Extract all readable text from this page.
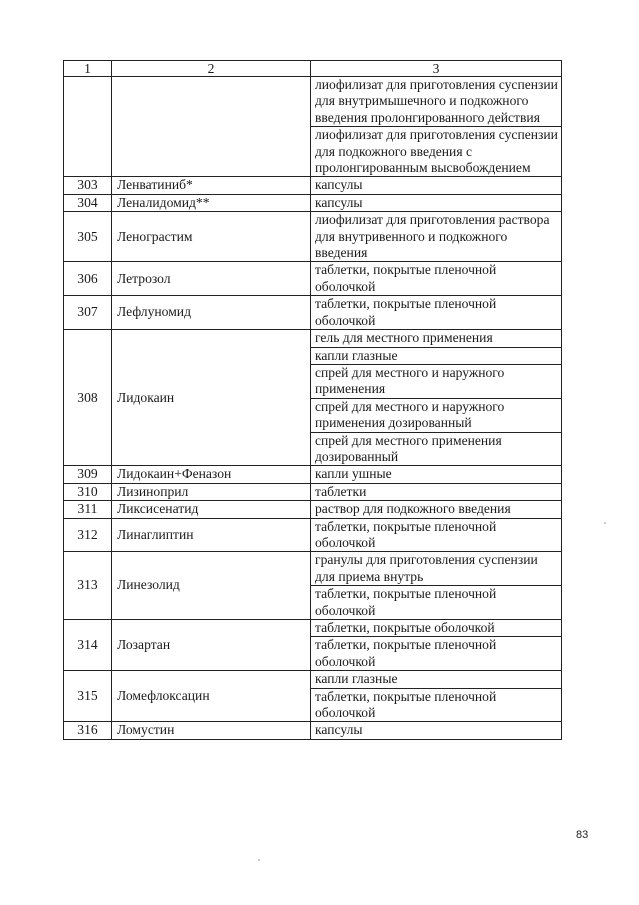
1	2	3
		лиофилизат для приготовления суспензии для внутримышечного и подкожного введения пролонгированного действия
		лиофилизат для приготовления суспензии для подкожного введения с пролонгированным высвобождением
303	Ленватиниб*	капсулы
304	Леналидомид**	капсулы
305	Ленограстим	лиофилизат для приготовления раствора для внутривенного и подкожного введения
306	Летрозол	таблетки, покрытые пленочной оболочкой
307	Лефлуномид	таблетки, покрытые пленочной оболочкой
308	Лидокаин	гель для местного применения
		капли глазные
		спрей для местного и наружного применения
		спрей для местного и наружного применения дозированный
		спрей для местного применения дозированный
309	Лидокаин+Феназон	капли ушные
310	Лизиноприл	таблетки
311	Ликсисенатид	раствор для подкожного введения
312	Линаглиптин	таблетки, покрытые пленочной оболочкой
313	Линезолид	гранулы для приготовления суспензии для приема внутрь
		таблетки, покрытые пленочной оболочкой
314	Лозартан	таблетки, покрытые оболочкой
		таблетки, покрытые пленочной оболочкой
315	Ломефлоксацин	капли глазные
		таблетки, покрытые пленочной оболочкой
316	Ломустин	капсулы
83
